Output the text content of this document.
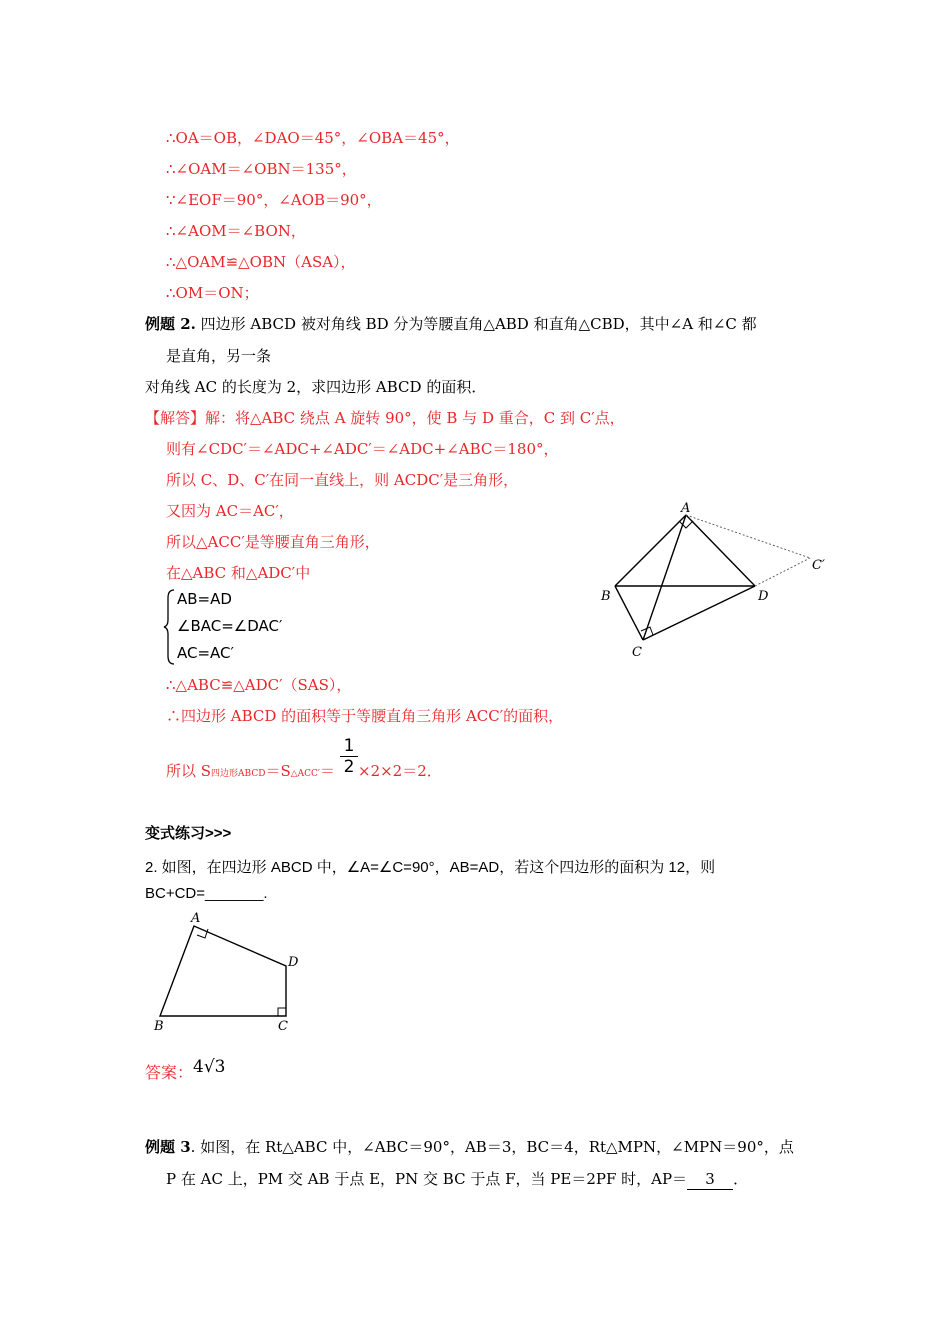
∴OA＝OB，∠DAO＝45°，∠OBA＝45°，
∴∠OAM＝∠OBN＝135°，
∵∠EOF＝90°，∠AOB＝90°，
∴∠AOM＝∠BON，
∴△OAM≌△OBN（ASA），
∴OM＝ON；
例题 2. 四边形 ABCD 被对角线 BD 分为等腰直角△ABD 和直角△CBD，其中∠A 和∠C 都
是直角，另一条
对角线 AC 的长度为 2，求四边形 ABCD 的面积．
【解答】解：将△ABC 绕点 A 旋转 90°，使 B 与 D 重合，C 到 C′点，
则有∠CDC′＝∠ADC+∠ADC′＝∠ADC+∠ABC＝180°，
所以 C、D、C′在同一直线上，则 ACDC′是三角形，
又因为 AC＝AC′，
所以△ACC′是等腰直角三角形，
在△ABC 和△ADC′中
AB=AD
∠BAC=∠DAC′
AC=AC′
∴△ABC≌△ADC′（SAS），
∴四边形 ABCD 的面积等于等腰直角三角形 ACC′的面积，
所以 S四边形ABCD＝S△ACC′＝
1
2 ×2×2＝2．
A
B
C
D
C′
变式练习>>>
2. 如图，在四边形 ABCD 中，∠A=∠C=90°，AB=AD，若这个四边形的面积为 12，则
BC+CD=_______.
A
B	C
D
答案：4√3
例题 3. 如图，在 Rt△ABC 中，∠ABC＝90°，AB＝3，BC＝4，Rt△MPN，∠MPN＝90°，点
P 在 AC 上，PM 交 AB 于点 E，PN 交 BC 于点 F，当 PE＝2PF 时，AP＝ 3 ．
